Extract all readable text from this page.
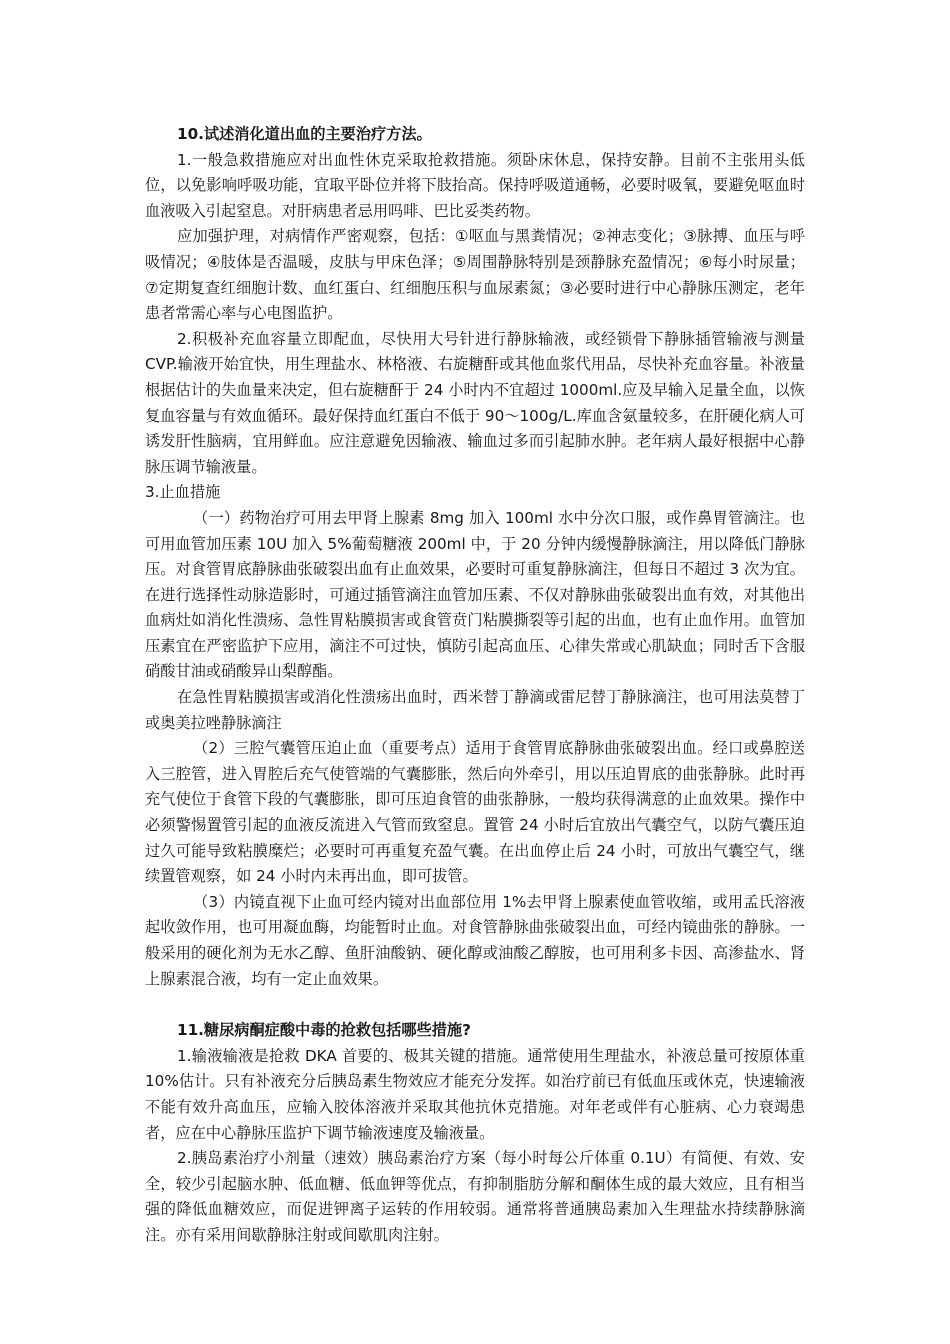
10.试述消化道出血的主要治疗方法。

1.一般急救措施应对出血性休克采取抢救措施。须卧床休息，保持安静。目前不主张用头低位，以免影响呼吸功能，宜取平卧位并将下肢抬高。保持呼吸道通畅，必要时吸氧，要避免呕血时血液吸入引起窒息。对肝病患者忌用吗啡、巴比妥类药物。

应加强护理，对病情作严密观察，包括：①呕血与黑粪情况；②神志变化；③脉搏、血压与呼吸情况；④肢体是否温暖，皮肤与甲床色泽；⑤周围静脉特别是颈静脉充盈情况；⑥每小时尿量；⑦定期复查红细胞计数、血红蛋白、红细胞压积与血尿素氮；③必要时进行中心静脉压测定，老年患者常需心率与心电图监护。

2.积极补充血容量立即配血，尽快用大号针进行静脉输液，或经锁骨下静脉插管输液与测量 CVP.输液开始宜快，用生理盐水、林格液、右旋糖酐或其他血浆代用品，尽快补充血容量。补液量根据估计的失血量来决定，但右旋糖酐于 24 小时内不宜超过 1000ml.应及早输入足量全血，以恢复血容量与有效血循环。最好保持血红蛋白不低于 90～100g/L.库血含氨量较多，在肝硬化病人可诱发肝性脑病，宜用鲜血。应注意避免因输液、输血过多而引起肺水肿。老年病人最好根据中心静脉压调节输液量。

3.止血措施

（一）药物治疗可用去甲肾上腺素 8mg 加入 100ml 水中分次口服，或作鼻胃管滴注。也可用血管加压素 10U 加入 5%葡萄糖液 200ml 中，于 20 分钟内缓慢静脉滴注，用以降低门静脉压。对食管胃底静脉曲张破裂出血有止血效果，必要时可重复静脉滴注，但每日不超过 3 次为宜。在进行选择性动脉造影时，可通过插管滴注血管加压素、不仅对静脉曲张破裂出血有效，对其他出血病灶如消化性溃疡、急性胃粘膜损害或食管贲门粘膜撕裂等引起的出血，也有止血作用。血管加压素宜在严密监护下应用，滴注不可过快，慎防引起高血压、心律失常或心肌缺血；同时舌下含服硝酸甘油或硝酸异山梨醇酯。

在急性胃粘膜损害或消化性溃疡出血时，西米替丁静滴或雷尼替丁静脉滴注，也可用法莫替丁或奥美拉唑静脉滴注

（2）三腔气囊管压迫止血（重要考点）适用于食管胃底静脉曲张破裂出血。经口或鼻腔送入三腔管，进入胃腔后充气使管端的气囊膨胀，然后向外牵引，用以压迫胃底的曲张静脉。此时再充气使位于食管下段的气囊膨胀，即可压迫食管的曲张静脉，一般均获得满意的止血效果。操作中必须警惕置管引起的血液反流进入气管而致窒息。置管 24 小时后宜放出气囊空气，以防气囊压迫过久可能导致粘膜糜烂；必要时可再重复充盈气囊。在出血停止后 24 小时，可放出气囊空气，继续置管观察，如 24 小时内未再出血，即可拔管。

（3）内镜直视下止血可经内镜对出血部位用 1%去甲肾上腺素使血管收缩，或用孟氏溶液起收敛作用，也可用凝血酶，均能暂时止血。对食管静脉曲张破裂出血，可经内镜曲张的静脉。一般采用的硬化剂为无水乙醇、鱼肝油酸钠、硬化醇或油酸乙醇胺，也可用利多卡因、高渗盐水、肾上腺素混合液，均有一定止血效果。

11.糖尿病酮症酸中毒的抢救包括哪些措施?

1.输液输液是抢救 DKA 首要的、极其关键的措施。通常使用生理盐水，补液总量可按原体重 10%估计。只有补液充分后胰岛素生物效应才能充分发挥。如治疗前已有低血压或休克，快速输液不能有效升高血压，应输入胶体溶液并采取其他抗休克措施。对年老或伴有心脏病、心力衰竭患者，应在中心静脉压监护下调节输液速度及输液量。

2.胰岛素治疗小剂量（速效）胰岛素治疗方案（每小时每公斤体重 0.1U）有简便、有效、安全，较少引起脑水肿、低血糖、低血钾等优点，有抑制脂肪分解和酮体生成的最大效应，且有相当强的降低血糖效应，而促进钾离子运转的作用较弱。通常将普通胰岛素加入生理盐水持续静脉滴注。亦有采用间歇静脉注射或间歇肌肉注射。
